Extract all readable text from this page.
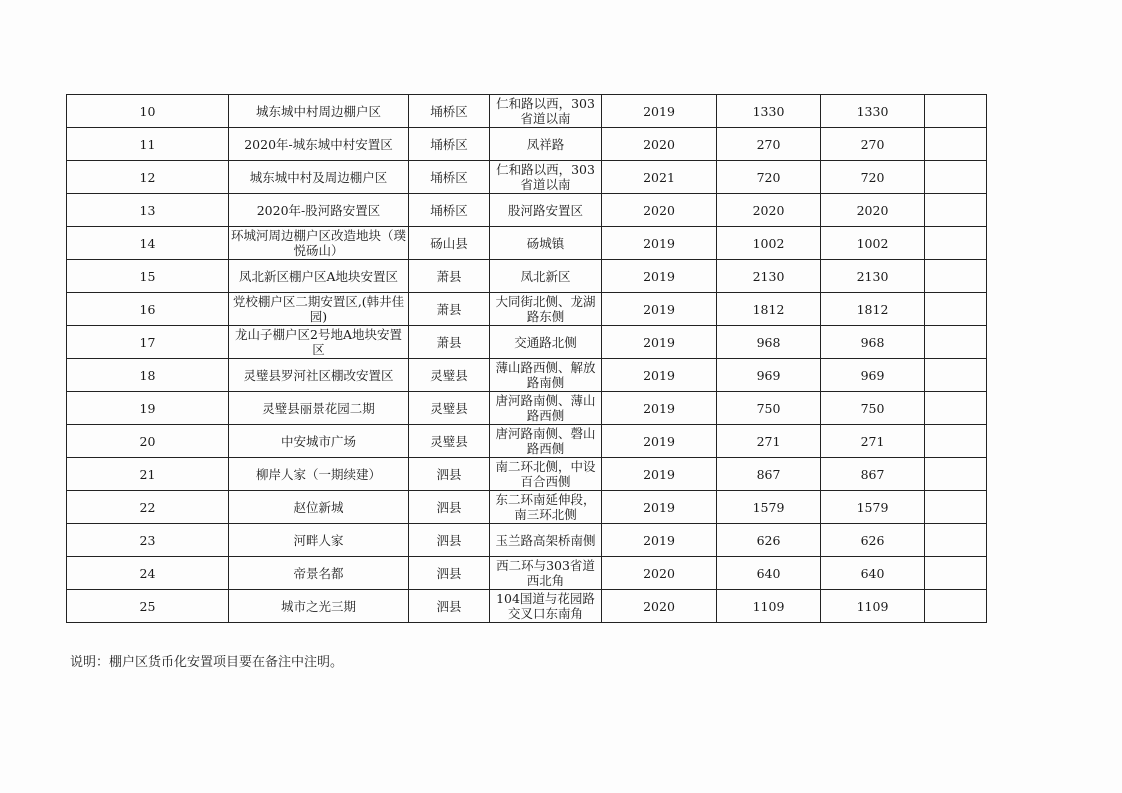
10	城东城中村周边棚户区	埇桥区	仁和路以西，303省道以南	2019	1330	1330	
11	2020年-城东城中村安置区	埇桥区	凤祥路	2020	270	270	
12	城东城中村及周边棚户区	埇桥区	仁和路以西，303省道以南	2021	720	720	
13	2020年-股河路安置区	埇桥区	股河路安置区	2020	2020	2020	
14	环城河周边棚户区改造地块（璞悦砀山）	砀山县	砀城镇	2019	1002	1002	
15	凤北新区棚户区A地块安置区	萧县	凤北新区	2019	2130	2130	
16	党校棚户区二期安置区,(韩井佳园)	萧县	大同街北侧、龙湖路东侧	2019	1812	1812	
17	龙山子棚户区2号地A地块安置区	萧县	交通路北侧	2019	968	968	
18	灵璧县罗河社区棚改安置区	灵璧县	薄山路西侧、解放路南侧	2019	969	969	
19	灵璧县丽景花园二期	灵璧县	唐河路南侧、薄山路西侧	2019	750	750	
20	中安城市广场	灵璧县	唐河路南侧、磬山路西侧	2019	271	271	
21	柳岸人家（一期续建）	泗县	南二环北侧，中设百合西侧	2019	867	867	
22	赵位新城	泗县	东二环南延伸段，南三环北侧	2019	1579	1579	
23	河畔人家	泗县	玉兰路高架桥南侧	2019	626	626	
24	帝景名都	泗县	西二环与303省道西北角	2020	640	640	
25	城市之光三期	泗县	104国道与花园路交叉口东南角	2020	1109	1109	
说明：棚户区货币化安置项目要在备注中注明。
